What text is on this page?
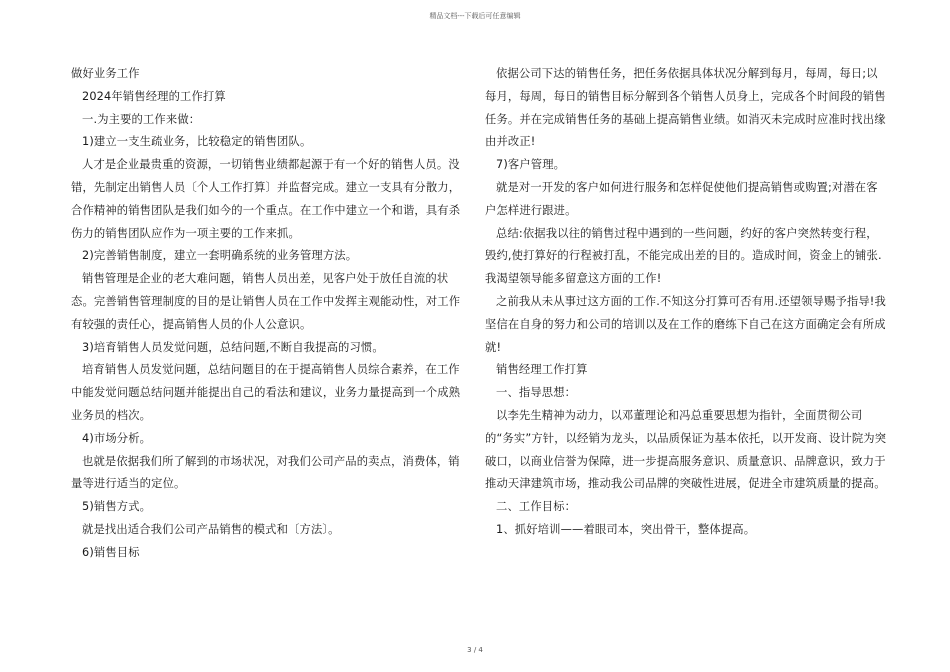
精品文档---下载后可任意编辑

做好业务工作

2024年销售经理的工作打算

一.为主要的工作来做：

1)建立一支生疏业务，比较稳定的销售团队。

人才是企业最贵重的资源，一切销售业绩都起源于有一个好的销售人员。没错，先制定出销售人员〔个人工作打算〕并监督完成。建立一支具有分散力，合作精神的销售团队是我们如今的一个重点。在工作中建立一个和谐，具有杀伤力的销售团队应作为一项主要的工作来抓。

2)完善销售制度，建立一套明确系统的业务管理方法。

销售管理是企业的老大难问题，销售人员出差，见客户处于放任自流的状态。完善销售管理制度的目的是让销售人员在工作中发挥主观能动性，对工作有较强的责任心，提高销售人员的仆人公意识。

3)培育销售人员发觉问题，总结问题,不断自我提高的习惯。

培育销售人员发觉问题，总结问题目的在于提高销售人员综合素养，在工作中能发觉问题总结问题并能提出自己的看法和建议，业务力量提高到一个成熟业务员的档次。

4)市场分析。

也就是依据我们所了解到的市场状况，对我们公司产品的卖点，消费体，销量等进行适当的定位。

5)销售方式。

就是找出适合我们公司产品销售的模式和〔方法〕。

6)销售目标

依据公司下达的销售任务，把任务依据具体状况分解到每月，每周，每日;以每月，每周，每日的销售目标分解到各个销售人员身上，完成各个时间段的销售任务。并在完成销售任务的基础上提高销售业绩。如消灭未完成时应准时找出缘由并改正!

7)客户管理。

就是对一开发的客户如何进行服务和怎样促使他们提高销售或购置;对潜在客户怎样进行跟进。

总结:依据我以往的销售过程中遇到的一些问题，约好的客户突然转变行程，毁约,使打算好的行程被打乱，不能完成出差的目的。造成时间，资金上的铺张.我渴望领导能多留意这方面的工作!

之前我从未从事过这方面的工作.不知这分打算可否有用.还望领导赐予指导!我坚信在自身的努力和公司的培训以及在工作的磨练下自己在这方面确定会有所成就!

销售经理工作打算

一、指导思想：

以李先生精神为动力，以邓董理论和冯总重要思想为指针，全面贯彻公司的“务实”方针，以经销为龙头，以品质保证为基本依托，以开发商、设计院为突破口，以商业信誉为保障，进一步提高服务意识、质量意识、品牌意识，致力于推动天津建筑市场，推动我公司品牌的突破性进展，促进全市建筑质量的提高。

二、工作目标：

1、抓好培训——着眼司本，突出骨干，整体提高。

3 / 4
